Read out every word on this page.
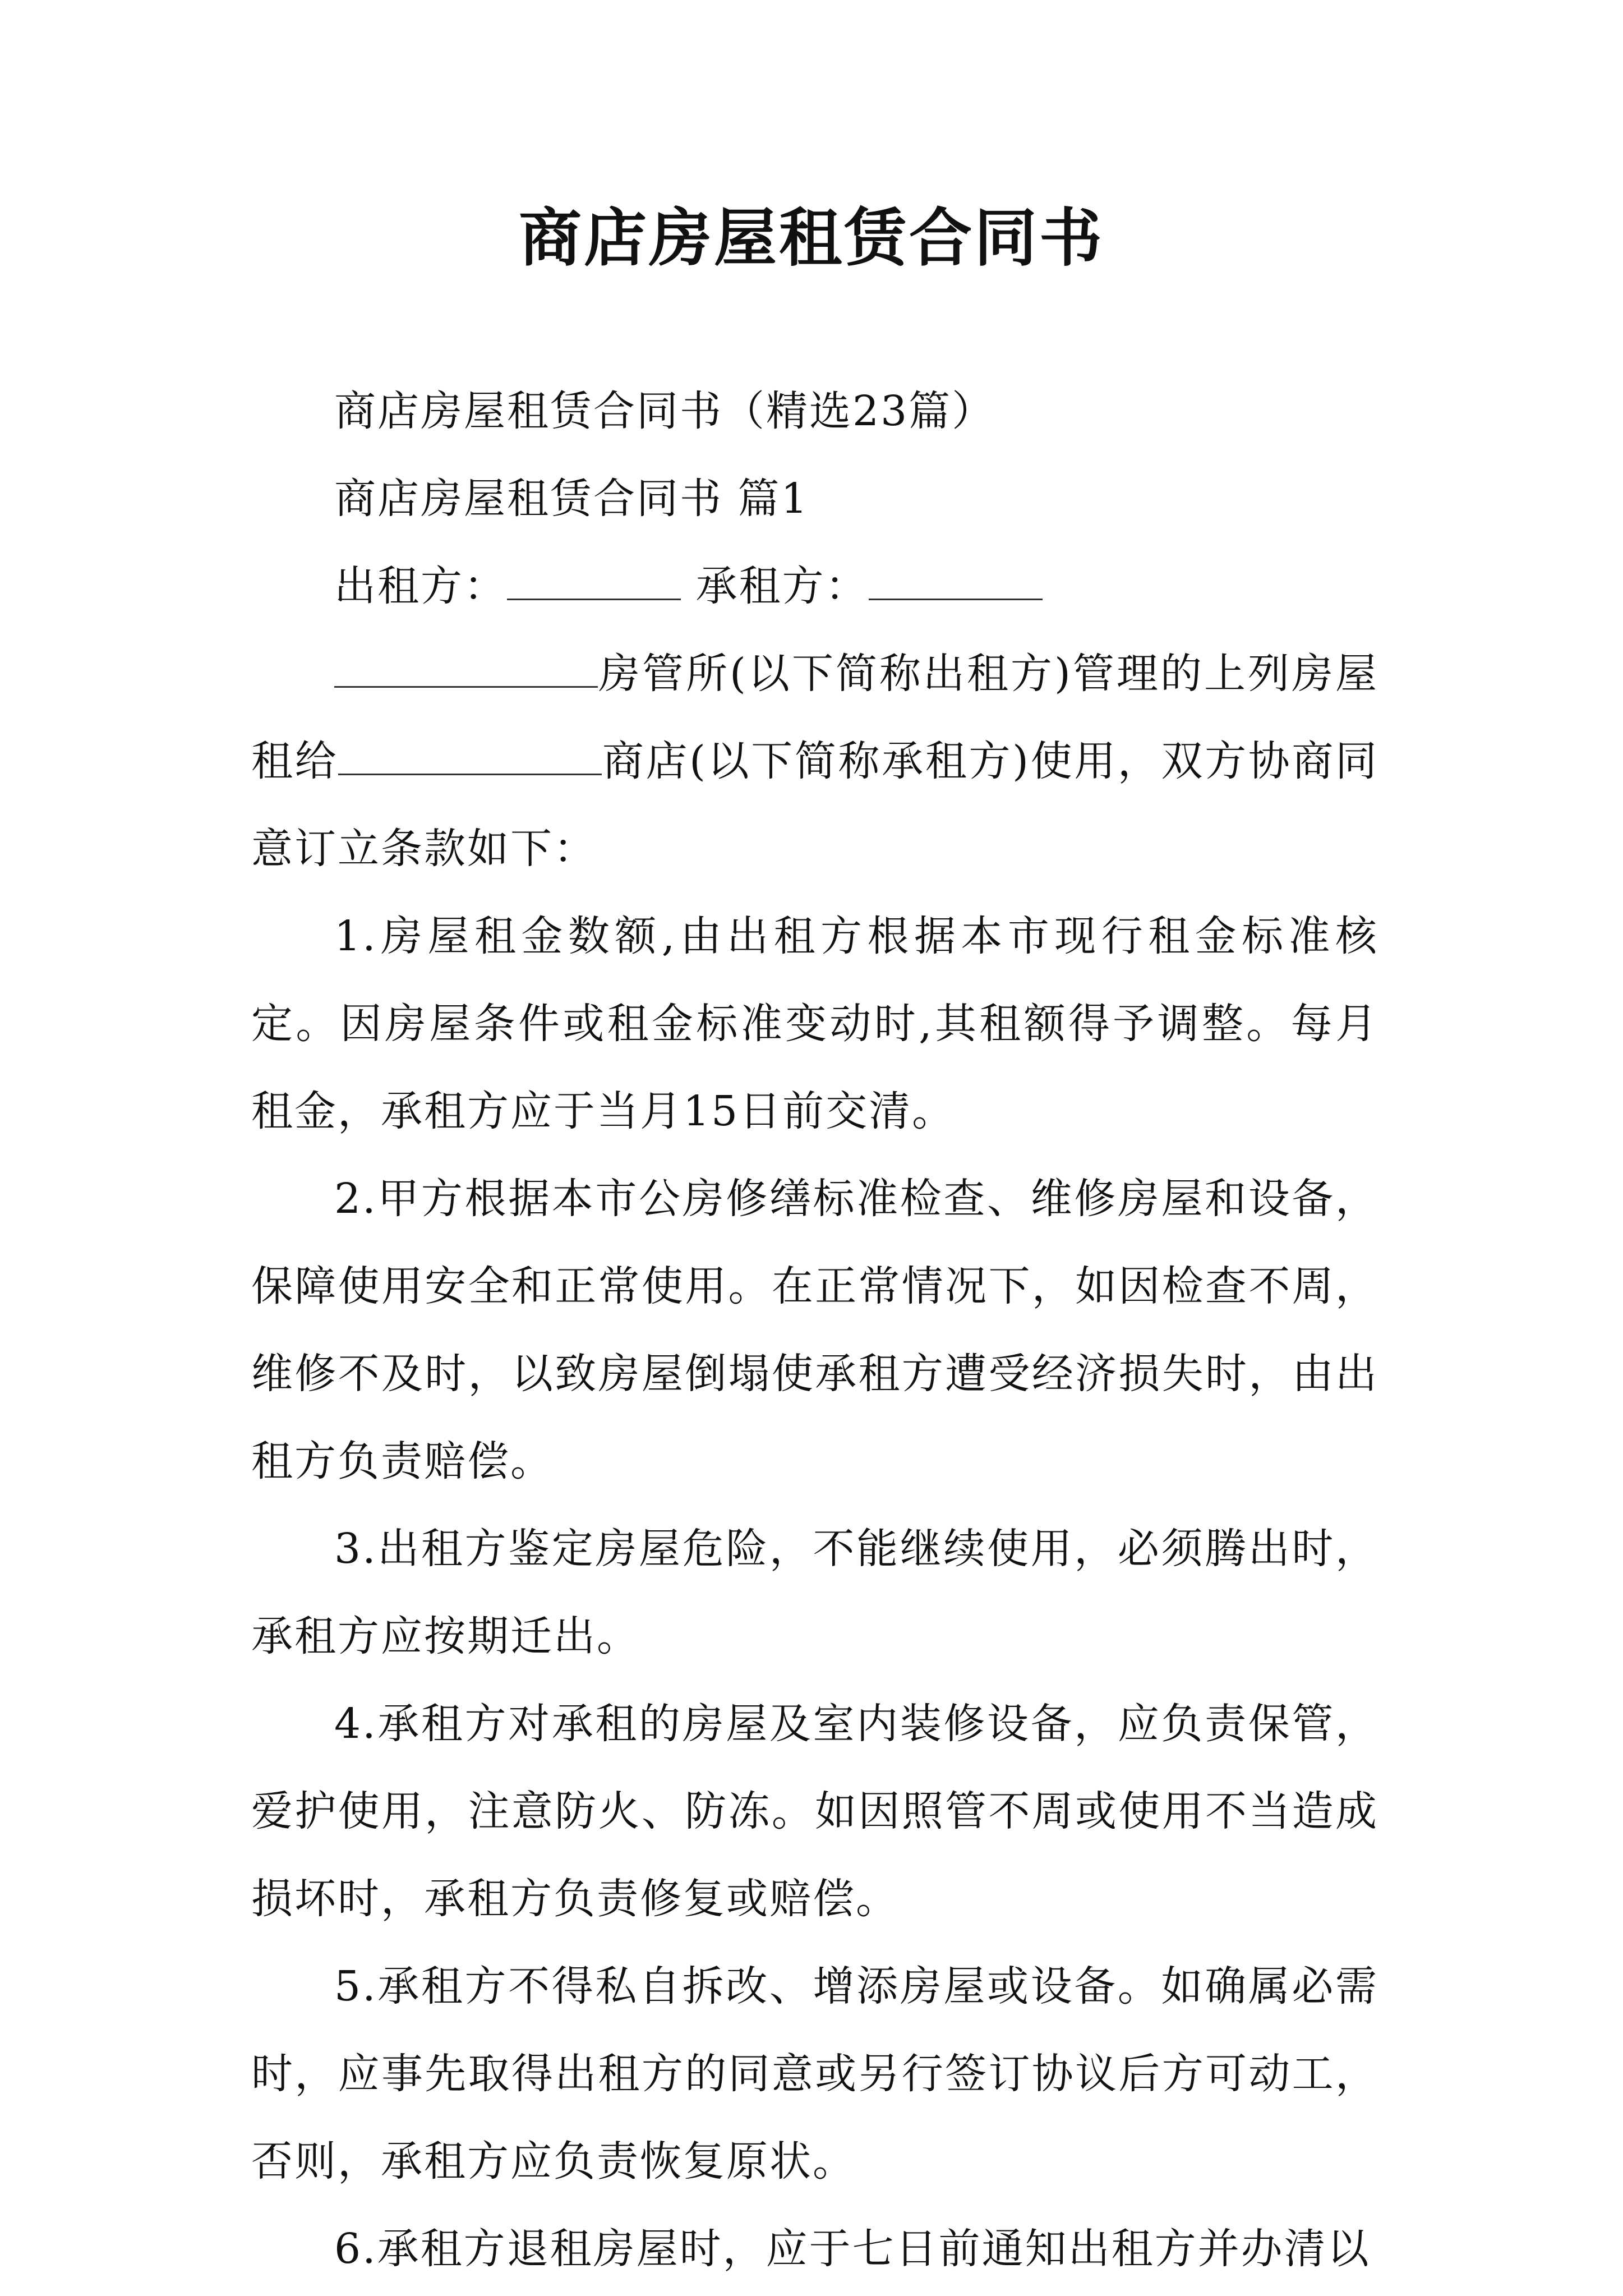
商店房屋租赁合同书

商店房屋租赁合同书（精选23篇）

商店房屋租赁合同书 篇1

出租方：	承租方：

房管所(以下简称出租方)管理的上列房屋租给	商店(以下简称承租方)使用，双方协商同意订立条款如下：

1.房屋租金数额,由出租方根据本市现行租金标准核定。因房屋条件或租金标准变动时,其租额得予调整。每月租金，承租方应于当月15日前交清。

2.甲方根据本市公房修缮标准检查、维修房屋和设备，保障使用安全和正常使用。在正常情况下，如因检查不周，维修不及时，以致房屋倒塌使承租方遭受经济损失时，由出租方负责赔偿。

3.出租方鉴定房屋危险，不能继续使用，必须腾出时，承租方应按期迁出。

4.承租方对承租的房屋及室内装修设备，应负责保管，爱护使用，注意防火、防冻。如因照管不周或使用不当造成损坏时，承租方负责修复或赔偿。

5.承租方不得私自拆改、增添房屋或设备。如确属必需时，应事先取得出租方的同意或另行签订协议后方可动工，否则，承租方应负责恢复原状。

6.承租方退租房屋时，应于七日前通知出租方并办清以
